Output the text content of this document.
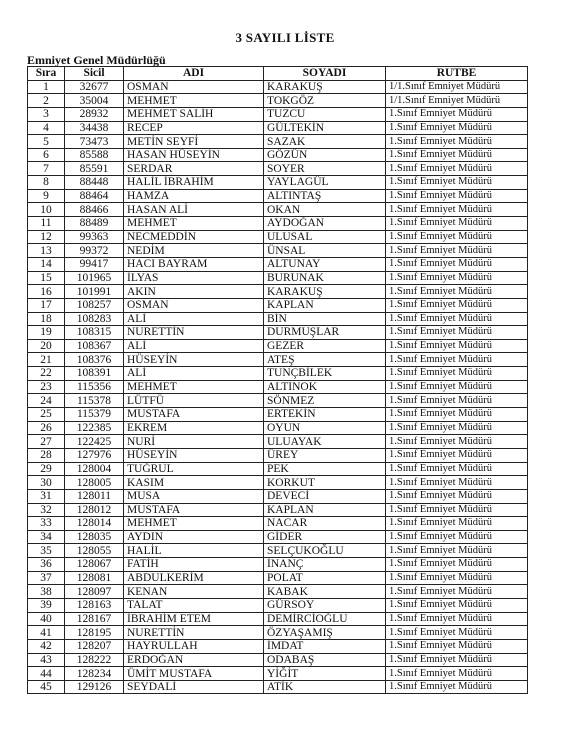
3 SAYILI LİSTE
Emniyet Genel Müdürlüğü
Sıra	Sicil	ADI	SOYADI	RUTBE
1	32677	OSMAN	KARAKUŞ	1/1.Sınıf Emniyet Müdürü
2	35004	MEHMET	TOKGÖZ	1/1.Sınıf Emniyet Müdürü
3	28932	MEHMET SALİH	TUZCU	1.Sınıf Emniyet Müdürü
4	34438	RECEP	GÜLTEKİN	1.Sınıf Emniyet Müdürü
5	73473	METİN SEYFİ	SAZAK	1.Sınıf Emniyet Müdürü
6	85588	HASAN HÜSEYİN	GÖZÜN	1.Sınıf Emniyet Müdürü
7	85591	SERDAR	SOYER	1.Sınıf Emniyet Müdürü
8	88448	HALİL İBRAHİM	YAYLAGÜL	1.Sınıf Emniyet Müdürü
9	88464	HAMZA	ALTINTAŞ	1.Sınıf Emniyet Müdürü
10	88466	HASAN ALİ	OKAN	1.Sınıf Emniyet Müdürü
11	88489	MEHMET	AYDOĞAN	1.Sınıf Emniyet Müdürü
12	99363	NECMEDDİN	ULUSAL	1.Sınıf Emniyet Müdürü
13	99372	NEDİM	ÜNSAL	1.Sınıf Emniyet Müdürü
14	99417	HACI BAYRAM	ALTUNAY	1.Sınıf Emniyet Müdürü
15	101965	İLYAS	BURUNAK	1.Sınıf Emniyet Müdürü
16	101991	AKIN	KARAKUŞ	1.Sınıf Emniyet Müdürü
17	108257	OSMAN	KAPLAN	1.Sınıf Emniyet Müdürü
18	108283	ALİ	BİN	1.Sınıf Emniyet Müdürü
19	108315	NURETTİN	DURMUŞLAR	1.Sınıf Emniyet Müdürü
20	108367	ALİ	GEZER	1.Sınıf Emniyet Müdürü
21	108376	HÜSEYİN	ATEŞ	1.Sınıf Emniyet Müdürü
22	108391	ALİ	TUNÇBİLEK	1.Sınıf Emniyet Müdürü
23	115356	MEHMET	ALTINOK	1.Sınıf Emniyet Müdürü
24	115378	LÜTFÜ	SÖNMEZ	1.Sınıf Emniyet Müdürü
25	115379	MUSTAFA	ERTEKİN	1.Sınıf Emniyet Müdürü
26	122385	EKREM	OYUN	1.Sınıf Emniyet Müdürü
27	122425	NURİ	ULUAYAK	1.Sınıf Emniyet Müdürü
28	127976	HÜSEYİN	ÜREY	1.Sınıf Emniyet Müdürü
29	128004	TUĞRUL	PEK	1.Sınıf Emniyet Müdürü
30	128005	KASIM	KORKUT	1.Sınıf Emniyet Müdürü
31	128011	MUSA	DEVECİ	1.Sınıf Emniyet Müdürü
32	128012	MUSTAFA	KAPLAN	1.Sınıf Emniyet Müdürü
33	128014	MEHMET	NACAR	1.Sınıf Emniyet Müdürü
34	128035	AYDIN	GİDER	1.Sınıf Emniyet Müdürü
35	128055	HALİL	SELÇUKOĞLU	1.Sınıf Emniyet Müdürü
36	128067	FATİH	İNANÇ	1.Sınıf Emniyet Müdürü
37	128081	ABDULKERİM	POLAT	1.Sınıf Emniyet Müdürü
38	128097	KENAN	KABAK	1.Sınıf Emniyet Müdürü
39	128163	TALAT	GÜRSOY	1.Sınıf Emniyet Müdürü
40	128167	İBRAHİM ETEM	DEMİRCİOĞLU	1.Sınıf Emniyet Müdürü
41	128195	NURETTİN	ÖZYAŞAMIŞ	1.Sınıf Emniyet Müdürü
42	128207	HAYRULLAH	İMDAT	1.Sınıf Emniyet Müdürü
43	128222	ERDOĞAN	ODABAŞ	1.Sınıf Emniyet Müdürü
44	128234	ÜMİT MUSTAFA	YİĞİT	1.Sınıf Emniyet Müdürü
45	129126	SEYDALİ	ATİK	1.Sınıf Emniyet Müdürü
